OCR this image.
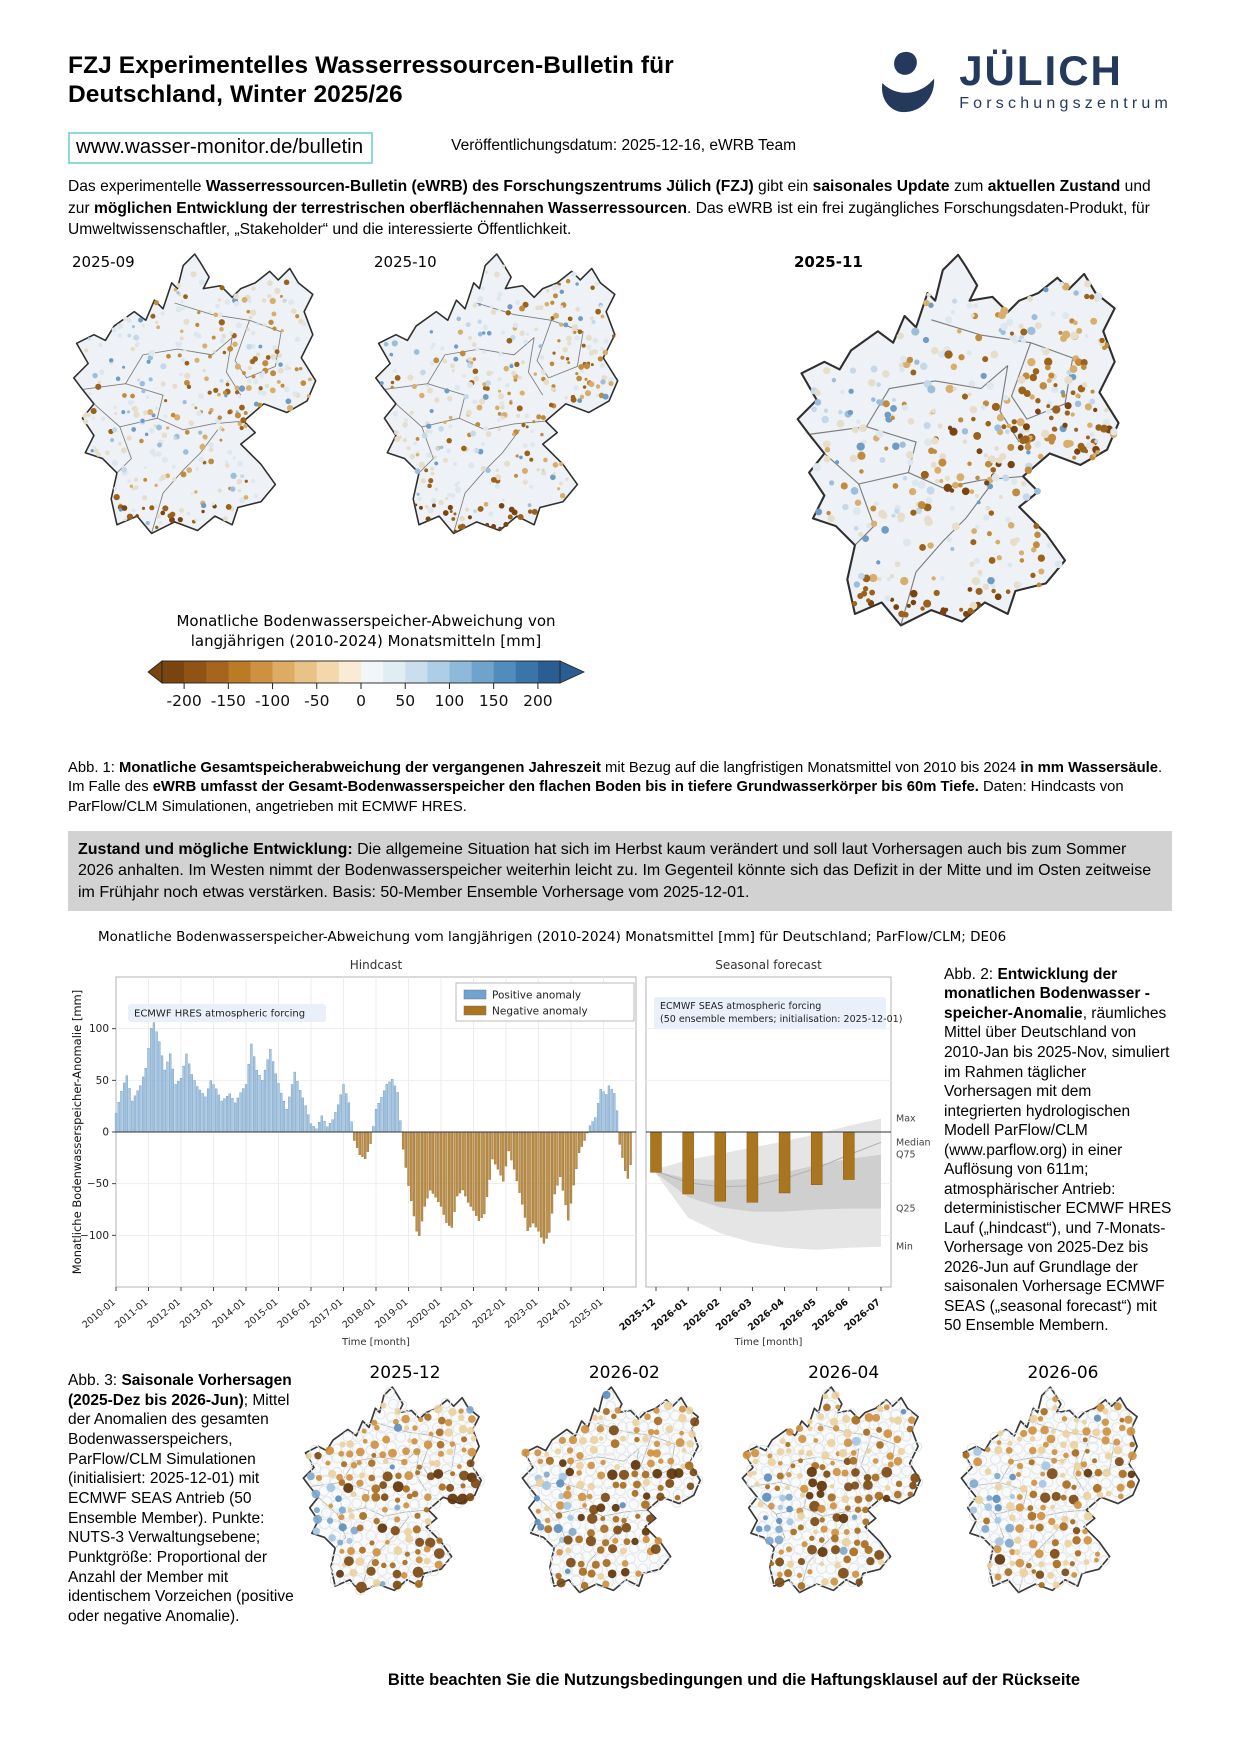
FZJ Experimentelles Wasserressourcen-Bulletin für Deutschland, Winter 2025/26
JÜLICH
Forschungszentrum
www.wasser-monitor.de/bulletin	Veröffentlichungsdatum: 2025-12-16, eWRB Team

Das experimentelle Wasserressourcen-Bulletin (eWRB) des Forschungszentrums Jülich (FZJ) gibt ein saisonales Update zum aktuellen Zustand und zur möglichen Entwicklung der terrestrischen oberflächennahen Wasserressourcen. Das eWRB ist ein frei zugängliches Forschungsdaten-Produkt, für Umweltwissenschaftler, „Stakeholder“ und die interessierte Öffentlichkeit.

2025-09	2025-10
Monatliche Bodenwasserspeicher-Abweichung von
langjährigen (2010-2024) Monatsmitteln [mm]
-200 -150 -100 -50 0 50 100 150 200
2025-11

Abb. 1: Monatliche Gesamtspeicherabweichung der vergangenen Jahreszeit mit Bezug auf die langfristigen Monatsmittel von 2010 bis 2024 in mm Wassersäule. Im Falle des eWRB umfasst der Gesamt-Bodenwasserspeicher den flachen Boden bis in tiefere Grundwasserkörper bis 60m Tiefe. Daten: Hindcasts von ParFlow/CLM Simulationen, angetrieben mit ECMWF HRES.

Zustand und mögliche Entwicklung: Die allgemeine Situation hat sich im Herbst kaum verändert und soll laut Vorhersagen auch bis zum Sommer 2026 anhalten. Im Westen nimmt der Bodenwasserspeicher weiterhin leicht zu. Im Gegenteil könnte sich das Defizit in der Mitte und im Osten zeitweise im Frühjahr noch etwas verstärken. Basis: 50-Member Ensemble Vorhersage vom 2025-12-01.
Monatliche Bodenwasserspeicher-Abweichung vom langjährigen (2010-2024) Monatsmittel [mm] für Deutschland; ParFlow/CLM; DE06
Max
Median
Q75
Q25
Min
Hindcast	Seasonal forecast
ECMWF HRES atmospheric forcing
ECMWF SEAS atmospheric forcing
(50 ensemble members; initialisation: 2025-12-01)
Positive anomaly
Negative anomaly
100
50
0
−50
−100
2010-01
2011-01
2012-01
2013-01
2014-01
2015-01
2016-01
2017-01
2018-01
2019-01
2020-01
2021-01
2022-01
2023-01
2024-01
2025-01 2025-12
2026-01
2026-02
2026-03
2026-04
2026-05
2026-06
2026-07
Time [month]	Time [month]
Monatliche Bodenwasserspeicher-Anomalie [mm]
Abb. 2: Entwicklung der monatlichen Bodenwasser -speicher-Anomalie, räumliches Mittel über Deutschland von 2010-Jan bis 2025-Nov, simuliert im Rahmen täglicher Vorhersagen mit dem integrierten hydrologischen Modell ParFlow/CLM (www.parflow.org) in einer Auflösung von 611m; atmosphärischer Antrieb: deterministischer ECMWF HRES Lauf („hindcast“), und 7-Monats-Vorhersage von 2025-Dez bis 2026-Jun auf Grundlage der saisonalen Vorhersage ECMWF SEAS („seasonal forecast“) mit 50 Ensemble Membern.
Abb. 3: Saisonale Vorhersagen (2025-Dez bis 2026-Jun); Mittel der Anomalien des gesamten Bodenwasserspeichers, ParFlow/CLM Simulationen (initialisiert: 2025-12-01) mit ECMWF SEAS Antrieb (50 Ensemble Member). Punkte: NUTS-3 Verwaltungsebene; Punktgröße: Proportional der Anzahl der Member mit identischem Vorzeichen (positive oder negative Anomalie).
2025-12	2026-02	2026-04	2026-06
Bitte beachten Sie die Nutzungsbedingungen und die Haftungsklausel auf der Rückseite
